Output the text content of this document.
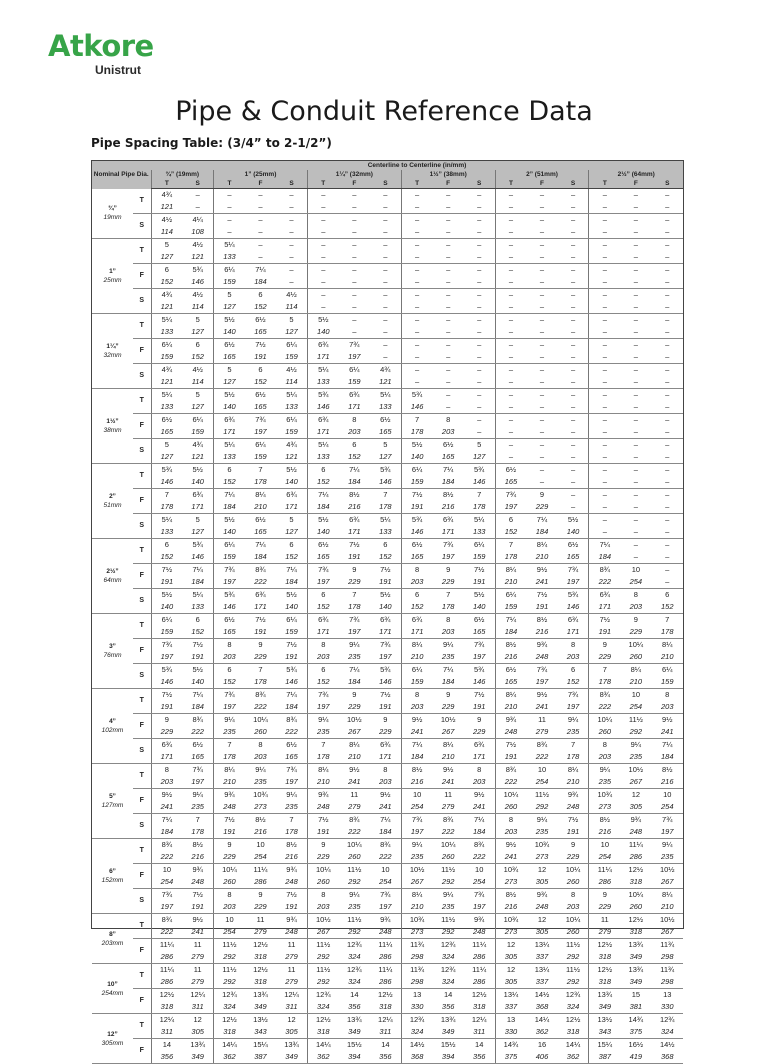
Atkore
Unistrut
Pipe & Conduit Reference Data
Pipe Spacing Table: (3/4” to 2-1/2”)
Nominal Pipe Dia.		Centerline to Centerline (in/mm)																
		¾” (19mm)		1” (25mm)			1¼” (32mm)			1½” (38mm)			2” (51mm)			2½” (64mm)		
		T	S	T	F	S	T	F	S	T	F	S	T	F	S	T	F	S
¾”
19mm	T	4¾	–	–	–	–	–	–	–	–	–	–	–	–	–	–	–	–
		121	–	–	–	–	–	–	–	–	–	–	–	–	–	–	–	–
	S	4½	4¼	–	–	–	–	–	–	–	–	–	–	–	–	–	–	–
		114	108	–	–	–	–	–	–	–	–	–	–	–	–	–	–	–
1”
25mm	T	5	4½	5¼	–	–	–	–	–	–	–	–	–	–	–	–	–	–
		127	121	133	–	–	–	–	–	–	–	–	–	–	–	–	–	–
	F	6	5¾	6¼	7¼	–	–	–	–	–	–	–	–	–	–	–	–	–
		152	146	159	184	–	–	–	–	–	–	–	–	–	–	–	–	–
	S	4¾	4½	5	6	4½	–	–	–	–	–	–	–	–	–	–	–	–
		121	114	127	152	114	–	–	–	–	–	–	–	–	–	–	–	–
1¼”
32mm	T	5¼	5	5½	6½	5	5½	–	–	–	–	–	–	–	–	–	–	–
		133	127	140	165	127	140	–	–	–	–	–	–	–	–	–	–	–
	F	6¼	6	6½	7½	6¼	6¾	7¾	–	–	–	–	–	–	–	–	–	–
		159	152	165	191	159	171	197	–	–	–	–	–	–	–	–	–	–
	S	4¾	4½	5	6	4½	5¼	6¼	4¾	–	–	–	–	–	–	–	–	–
		121	114	127	152	114	133	159	121	–	–	–	–	–	–	–	–	–
1½”
38mm	T	5¼	5	5½	6½	5¼	5¾	6¾	5¼	5¾	–	–	–	–	–	–	–	–
		133	127	140	165	133	146	171	133	146	–	–	–	–	–	–	–	–
	F	6½	6¼	6¾	7¾	6¼	6¾	8	6½	7	8	–	–	–	–	–	–	–
		165	159	171	197	159	171	203	165	178	203	–	–	–	–	–	–	–
	S	5	4¾	5¼	6¼	4¾	5¼	6	5	5½	6½	5	–	–	–	–	–	–
		127	121	133	159	121	133	152	127	140	165	127	–	–	–	–	–	–
2”
51mm	T	5¾	5½	6	7	5½	6	7¼	5¾	6¼	7¼	5¾	6½	–	–	–	–	–
		146	140	152	178	140	152	184	146	159	184	146	165	–	–	–	–	–
	F	7	6¾	7¼	8¼	6¾	7¼	8½	7	7½	8½	7	7¾	9	–	–	–	–
		178	171	184	210	171	184	216	178	191	216	178	197	229	–	–	–	–
	S	5¼	5	5½	6½	5	5½	6¾	5¼	5¾	6¾	5¼	6	7¼	5½	–	–	–
		133	127	140	165	127	140	171	133	146	171	133	152	184	140	–	–	–
2½”
64mm	T	6	5¾	6¼	7¼	6	6½	7½	6	6½	7¾	6¼	7	8¼	6½	7¼	–	–
		152	146	159	184	152	165	191	152	165	197	159	178	210	165	184	–	–
	F	7½	7¼	7¾	8¾	7¼	7¾	9	7½	8	9	7½	8¼	9½	7¾	8¾	10	–
		191	184	197	222	184	197	229	191	203	229	191	210	241	197	222	254	–
	S	5½	5¼	5¾	6¾	5½	6	7	5½	6	7	5½	6¼	7½	5¾	6¾	8	6
		140	133	146	171	140	152	178	140	152	178	140	159	191	146	171	203	152
3”
76mm	T	6¼	6	6½	7½	6¼	6¾	7¾	6¾	6¾	8	6½	7¼	8½	6¾	7½	9	7
		159	152	165	191	159	171	197	171	171	203	165	184	216	171	191	229	178
	F	7¾	7½	8	9	7½	8	9¼	7¾	8¼	9¼	7¾	8½	9¾	8	9	10¼	8¼
		197	191	203	229	191	203	235	197	210	235	197	216	248	203	229	260	210
	S	5¾	5½	6	7	5¾	6	7¼	5¾	6¼	7¼	5¾	6½	7¾	6	7	8¼	6¼
		146	140	152	178	146	152	184	146	159	184	146	165	197	152	178	210	159
4”
102mm	T	7½	7¼	7¾	8¾	7¼	7¾	9	7½	8	9	7½	8¼	9½	7¾	8¾	10	8
		191	184	197	222	184	197	229	191	203	229	191	210	241	197	222	254	203
	F	9	8¾	9¼	10¼	8¾	9¼	10½	9	9½	10½	9	9¾	11	9¼	10¼	11½	9½
		229	222	235	260	222	235	267	229	241	267	229	248	279	235	260	292	241
	S	6¾	6½	7	8	6½	7	8¼	6¾	7¼	8¼	6¾	7½	8¾	7	8	9¼	7¼
		171	165	178	203	165	178	210	171	184	210	171	191	222	178	203	235	184
5”
127mm	T	8	7¾	8¼	9¼	7¾	8¼	9½	8	8½	9½	8	8¾	10	8¼	9¼	10½	8½
		203	197	210	235	197	210	241	203	216	241	203	222	254	210	235	267	216
	F	9½	9¼	9¾	10¾	9¼	9¾	11	9½	10	11	9½	10¼	11½	9¾	10¾	12	10
		241	235	248	273	235	248	279	241	254	279	241	260	292	248	273	305	254
	S	7¼	7	7½	8½	7	7½	8¾	7¼	7¾	8¾	7¼	8	9¼	7½	8½	9¾	7¾
		184	178	191	216	178	191	222	184	197	222	184	203	235	191	216	248	197
6”
152mm	T	8¾	8½	9	10	8½	9	10¼	8¾	9¼	10¼	8¾	9½	10¾	9	10	11¼	9¼
		222	216	229	254	216	229	260	222	235	260	222	241	273	229	254	286	235
	F	10	9¾	10¼	11¼	9¾	10¼	11½	10	10½	11½	10	10¾	12	10¼	11¼	12½	10½
		254	248	260	286	248	260	292	254	267	292	254	273	305	260	286	318	267
	S	7¾	7½	8	9	7½	8	9¼	7¾	8¼	9¼	7¾	8½	9¾	8	9	10¼	8¼
		197	191	203	229	191	203	235	197	210	235	197	216	248	203	229	260	210
8”
203mm	T	8¾	9½	10	11	9¾	10½	11½	9¾	10¾	11½	9¾	10¾	12	10¼	11	12½	10½
		222	241	254	279	248	267	292	248	273	292	248	273	305	260	279	318	267
	F	11¼	11	11½	12½	11	11½	12¾	11¼	11¾	12¾	11¼	12	13¼	11½	12½	13¾	11¾
		286	279	292	318	279	292	324	286	298	324	286	305	337	292	318	349	298
10”
254mm	T	11¼	11	11½	12½	11	11½	12¾	11¼	11¾	12¾	11¼	12	13¼	11½	12½	13¾	11¾
		286	279	292	318	279	292	324	286	298	324	286	305	337	292	318	349	298
	F	12½	12¼	12¾	13¾	12¼	12¾	14	12½	13	14	12½	13¼	14½	12¾	13¾	15	13
		318	311	324	349	311	324	356	318	330	356	318	337	368	324	349	381	330
12”
305mm	T	12¼	12	12½	13½	12	12½	13¾	12¼	12¾	13¾	12¼	13	14¼	12½	13½	14¾	12¾
		311	305	318	343	305	318	349	311	324	349	311	330	362	318	343	375	324
	F	14	13¾	14¼	15¼	13¾	14¼	15½	14	14½	15½	14	14¾	16	14¼	15¼	16½	14½
		356	349	362	387	349	362	394	356	368	394	356	375	406	362	387	419	368
